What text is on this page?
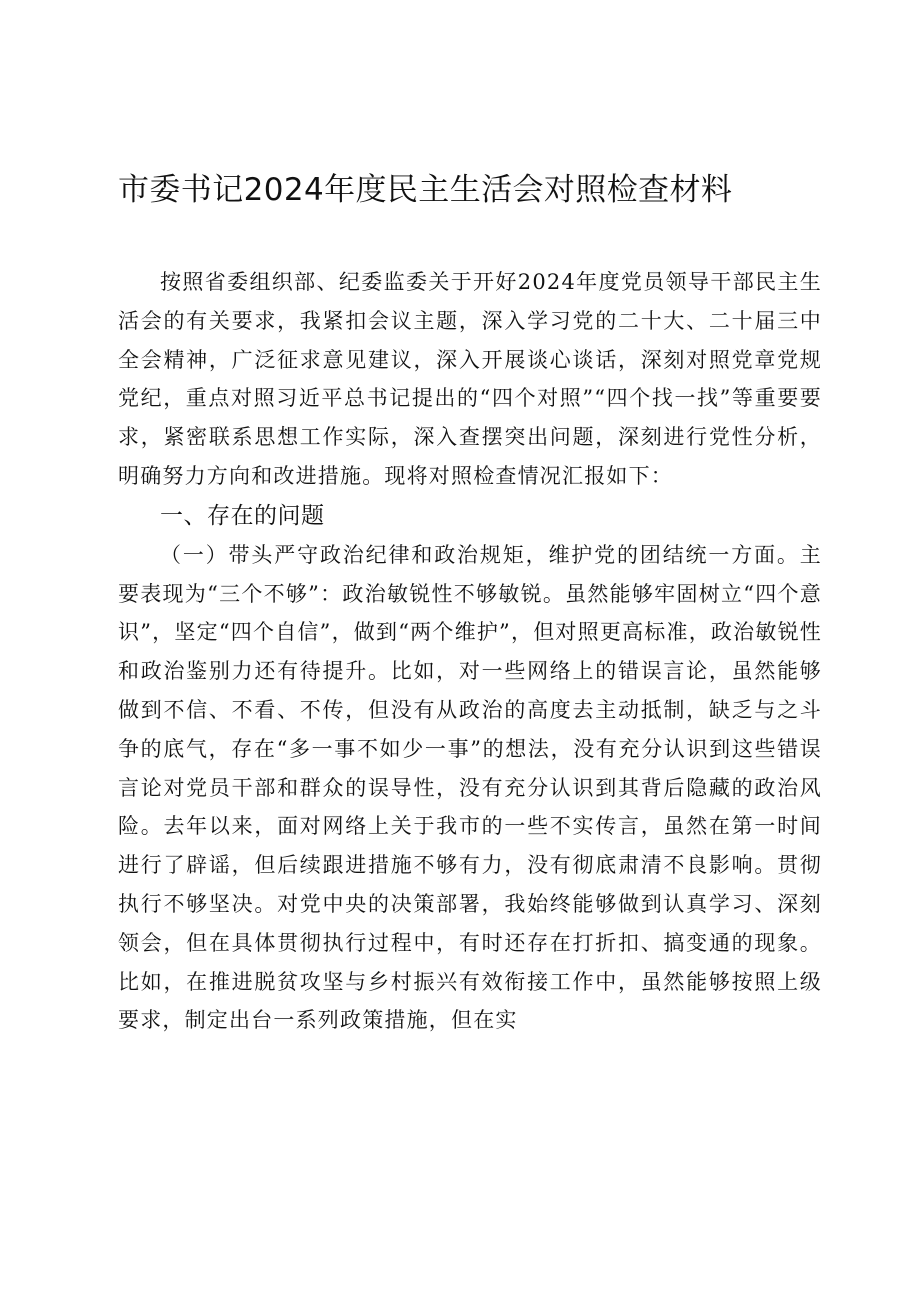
市委书记2024年度民主生活会对照检查材料

按照省委组织部、纪委监委关于开好2024年度党员领导干部民主生活会的有关要求，我紧扣会议主题，深入学习党的二十大、二十届三中全会精神，广泛征求意见建议，深入开展谈心谈话，深刻对照党章党规党纪，重点对照习近平总书记提出的“四个对照”“四个找一找”等重要要求，紧密联系思想工作实际，深入查摆突出问题，深刻进行党性分析，明确努力方向和改进措施。现将对照检查情况汇报如下：

一、存在的问题

（一）带头严守政治纪律和政治规矩，维护党的团结统一方面。主要表现为“三个不够”：政治敏锐性不够敏锐。虽然能够牢固树立“四个意识”，坚定“四个自信”，做到“两个维护”，但对照更高标准，政治敏锐性和政治鉴别力还有待提升。比如，对一些网络上的错误言论，虽然能够做到不信、不看、不传，但没有从政治的高度去主动抵制，缺乏与之斗争的底气，存在“多一事不如少一事”的想法，没有充分认识到这些错误言论对党员干部和群众的误导性，没有充分认识到其背后隐藏的政治风险。去年以来，面对网络上关于我市的一些不实传言，虽然在第一时间进行了辟谣，但后续跟进措施不够有力，没有彻底肃清不良影响。贯彻执行不够坚决。对党中央的决策部署，我始终能够做到认真学习、深刻领会，但在具体贯彻执行过程中，有时还存在打折扣、搞变通的现象。比如，在推进脱贫攻坚与乡村振兴有效衔接工作中，虽然能够按照上级要求，制定出台一系列政策措施，但在实
